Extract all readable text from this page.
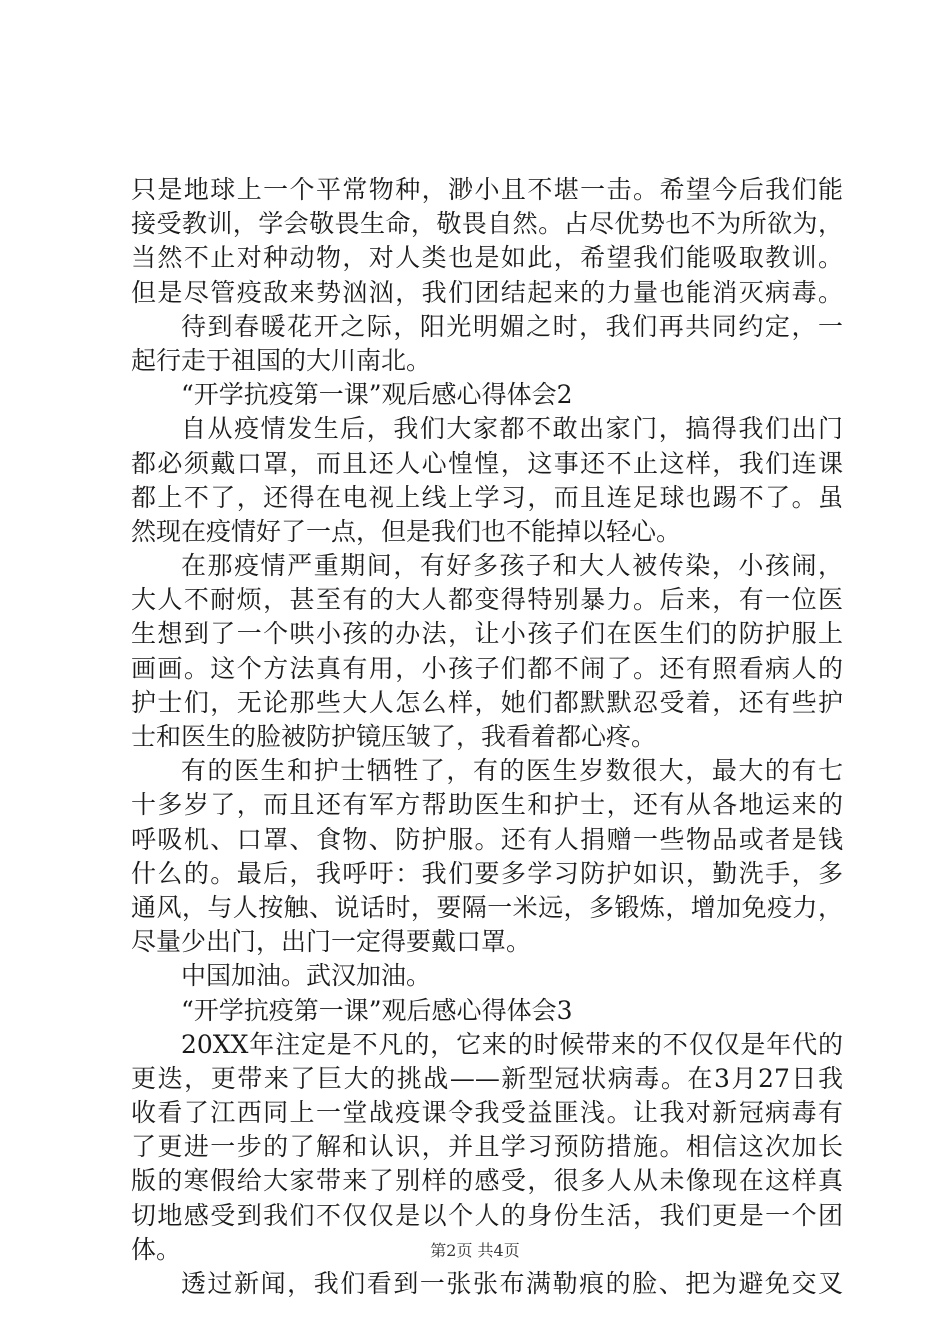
只是地球上一个平常物种，渺小且不堪一击。希望今后我们能
接受教训，学会敬畏生命，敬畏自然。占尽优势也不为所欲为，
当然不止对种动物，对人类也是如此，希望我们能吸取教训。
但是尽管疫敌来势汹汹，我们团结起来的力量也能消灭病毒。
待到春暖花开之际，阳光明媚之时，我们再共同约定，一
起行走于祖国的大川南北。
“开学抗疫第一课”观后感心得体会2
自从疫情发生后，我们大家都不敢出家门，搞得我们出门
都必须戴口罩，而且还人心惶惶，这事还不止这样，我们连课
都上不了，还得在电视上线上学习，而且连足球也踢不了。虽
然现在疫情好了一点，但是我们也不能掉以轻心。
在那疫情严重期间，有好多孩子和大人被传染，小孩闹，
大人不耐烦，甚至有的大人都变得特别暴力。后来，有一位医
生想到了一个哄小孩的办法，让小孩子们在医生们的防护服上
画画。这个方法真有用，小孩子们都不闹了。还有照看病人的
护士们，无论那些大人怎么样，她们都默默忍受着，还有些护
士和医生的脸被防护镜压皱了，我看着都心疼。
有的医生和护士牺牲了，有的医生岁数很大，最大的有七
十多岁了，而且还有军方帮助医生和护士，还有从各地运来的
呼吸机、口罩、食物、防护服。还有人捐赠一些物品或者是钱
什么的。最后，我呼吁：我们要多学习防护如识，勤洗手，多
通风，与人按触、说话时，要隔一米远，多锻炼，增加免疫力，
尽量少出门，出门一定得要戴口罩。
中国加油。武汉加油。
“开学抗疫第一课”观后感心得体会3
20XX年注定是不凡的，它来的时候带来的不仅仅是年代的
更迭，更带来了巨大的挑战——新型冠状病毒。在3月27日我
收看了江西同上一堂战疫课令我受益匪浅。让我对新冠病毒有
了更进一步的了解和认识，并且学习预防措施。相信这次加长
版的寒假给大家带来了别样的感受，很多人从未像现在这样真
切地感受到我们不仅仅是以个人的身份生活，我们更是一个团
体。
透过新闻，我们看到一张张布满勒痕的脸、把为避免交叉
第2页 共4页
